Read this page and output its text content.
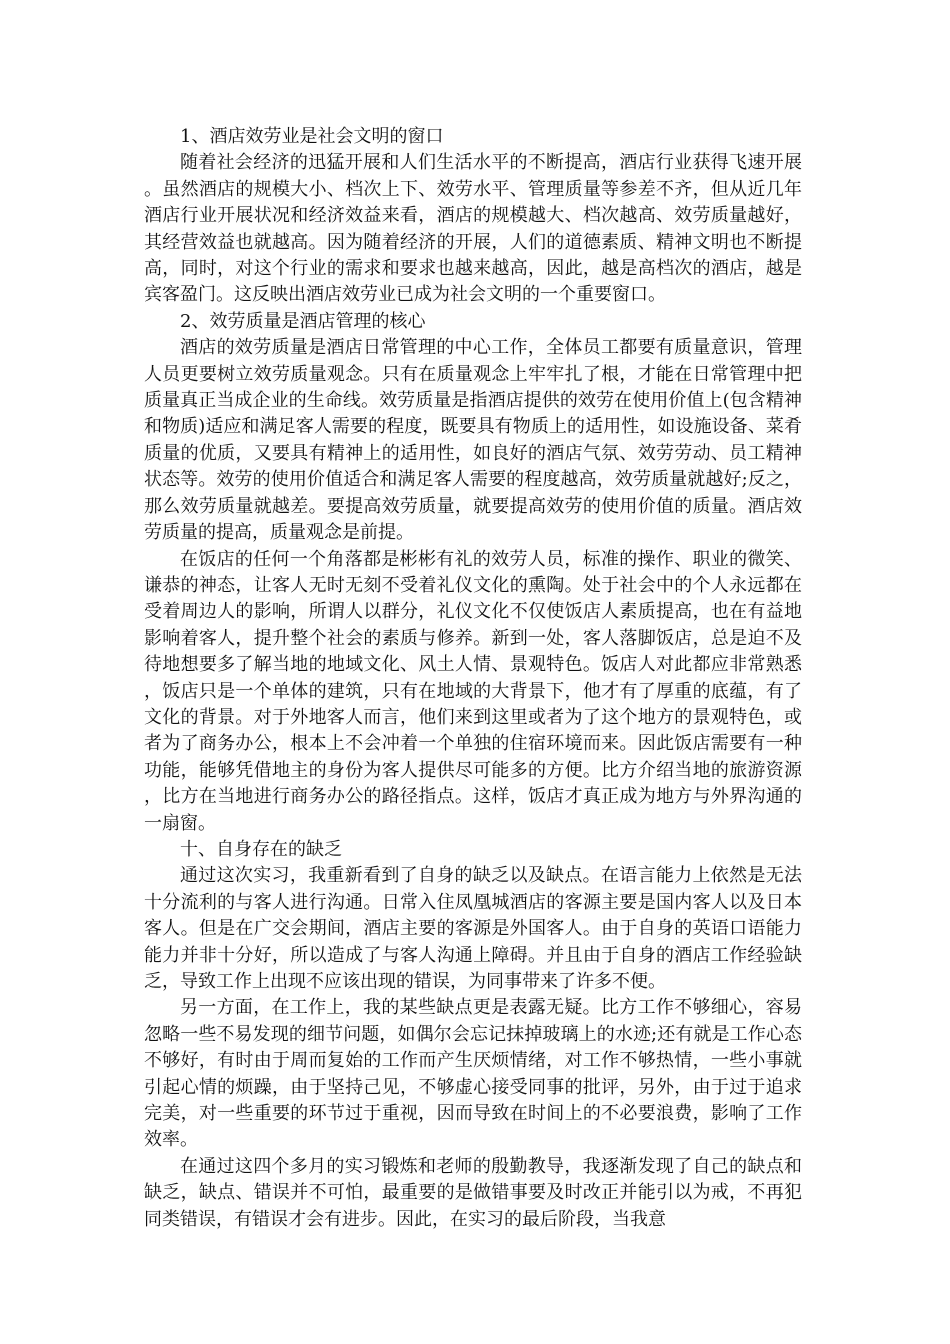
1、酒店效劳业是社会文明的窗口

随着社会经济的迅猛开展和人们生活水平的不断提高，酒店行业获得飞速开展。虽然酒店的规模大小、档次上下、效劳水平、管理质量等参差不齐，但从近几年酒店行业开展状况和经济效益来看，酒店的规模越大、档次越高、效劳质量越好，其经营效益也就越高。因为随着经济的开展，人们的道德素质、精神文明也不断提高，同时，对这个行业的需求和要求也越来越高，因此，越是高档次的酒店，越是宾客盈门。这反映出酒店效劳业已成为社会文明的一个重要窗口。

2、效劳质量是酒店管理的核心

酒店的效劳质量是酒店日常管理的中心工作，全体员工都要有质量意识，管理人员更要树立效劳质量观念。只有在质量观念上牢牢扎了根，才能在日常管理中把质量真正当成企业的生命线。效劳质量是指酒店提供的效劳在使用价值上(包含精神和物质)适应和满足客人需要的程度，既要具有物质上的适用性，如设施设备、菜肴质量的优质，又要具有精神上的适用性，如良好的酒店气氛、效劳劳动、员工精神状态等。效劳的使用价值适合和满足客人需要的程度越高，效劳质量就越好;反之，那么效劳质量就越差。要提高效劳质量，就要提高效劳的使用价值的质量。酒店效劳质量的提高，质量观念是前提。

在饭店的任何一个角落都是彬彬有礼的效劳人员，标准的操作、职业的微笑、谦恭的神态，让客人无时无刻不受着礼仪文化的熏陶。处于社会中的个人永远都在受着周边人的影响，所谓人以群分，礼仪文化不仅使饭店人素质提高，也在有益地影响着客人，提升整个社会的素质与修养。新到一处，客人落脚饭店，总是迫不及待地想要多了解当地的地域文化、风土人情、景观特色。饭店人对此都应非常熟悉，饭店只是一个单体的建筑，只有在地域的大背景下，他才有了厚重的底蕴，有了文化的背景。对于外地客人而言，他们来到这里或者为了这个地方的景观特色，或者为了商务办公，根本上不会冲着一个单独的住宿环境而来。因此饭店需要有一种功能，能够凭借地主的身份为客人提供尽可能多的方便。比方介绍当地的旅游资源，比方在当地进行商务办公的路径指点。这样，饭店才真正成为地方与外界沟通的一扇窗。

十、自身存在的缺乏

通过这次实习，我重新看到了自身的缺乏以及缺点。在语言能力上依然是无法十分流利的与客人进行沟通。日常入住凤凰城酒店的客源主要是国内客人以及日本客人。但是在广交会期间，酒店主要的客源是外国客人。由于自身的英语口语能力能力并非十分好，所以造成了与客人沟通上障碍。并且由于自身的酒店工作经验缺乏，导致工作上出现不应该出现的错误，为同事带来了许多不便。

另一方面，在工作上，我的某些缺点更是表露无疑。比方工作不够细心，容易忽略一些不易发现的细节问题，如偶尔会忘记抹掉玻璃上的水迹;还有就是工作心态不够好，有时由于周而复始的工作而产生厌烦情绪，对工作不够热情，一些小事就引起心情的烦躁，由于坚持己见，不够虚心接受同事的批评，另外，由于过于追求完美，对一些重要的环节过于重视，因而导致在时间上的不必要浪费，影响了工作效率。

在通过这四个多月的实习锻炼和老师的殷勤教导，我逐渐发现了自己的缺点和缺乏，缺点、错误并不可怕，最重要的是做错事要及时改正并能引以为戒，不再犯同类错误，有错误才会有进步。因此，在实习的最后阶段，当我意
